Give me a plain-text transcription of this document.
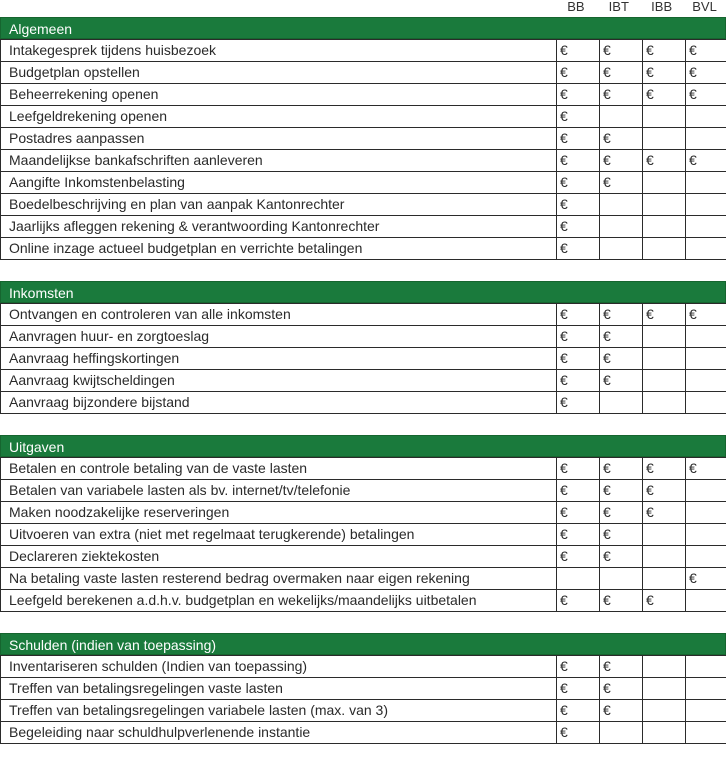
BB	IBT	IBB	BVL
Algemeen
Intakegesprek tijdens huisbezoek	€	€	€	€
Budgetplan opstellen	€	€	€	€
Beheerrekening openen	€	€	€	€
Leefgeldrekening openen	€			
Postadres aanpassen	€	€		
Maandelijkse bankafschriften aanleveren	€	€	€	€
Aangifte Inkomstenbelasting	€	€		
Boedelbeschrijving en plan van aanpak Kantonrechter	€			
Jaarlijks afleggen rekening & verantwoording Kantonrechter	€			
Online inzage actueel budgetplan en verrichte betalingen	€			
Inkomsten
Ontvangen en controleren van alle inkomsten	€	€	€	€
Aanvragen huur- en zorgtoeslag	€	€		
Aanvraag heffingskortingen	€	€		
Aanvraag kwijtscheldingen	€	€		
Aanvraag bijzondere bijstand	€			
Uitgaven
Betalen en controle betaling van de vaste lasten	€	€	€	€
Betalen van variabele lasten als bv. internet/tv/telefonie	€	€	€	
Maken noodzakelijke reserveringen	€	€	€	
Uitvoeren van extra (niet met regelmaat terugkerende) betalingen	€	€		
Declareren ziektekosten	€	€		
Na betaling vaste lasten resterend bedrag overmaken naar eigen rekening				€
Leefgeld berekenen a.d.h.v. budgetplan en wekelijks/maandelijks uitbetalen	€	€	€	
Schulden (indien van toepassing)
Inventariseren schulden (Indien van toepassing)	€	€		
Treffen van betalingsregelingen vaste lasten	€	€		
Treffen van betalingsregelingen variabele lasten (max. van 3)	€	€		
Begeleiding naar schuldhulpverlenende instantie	€			
